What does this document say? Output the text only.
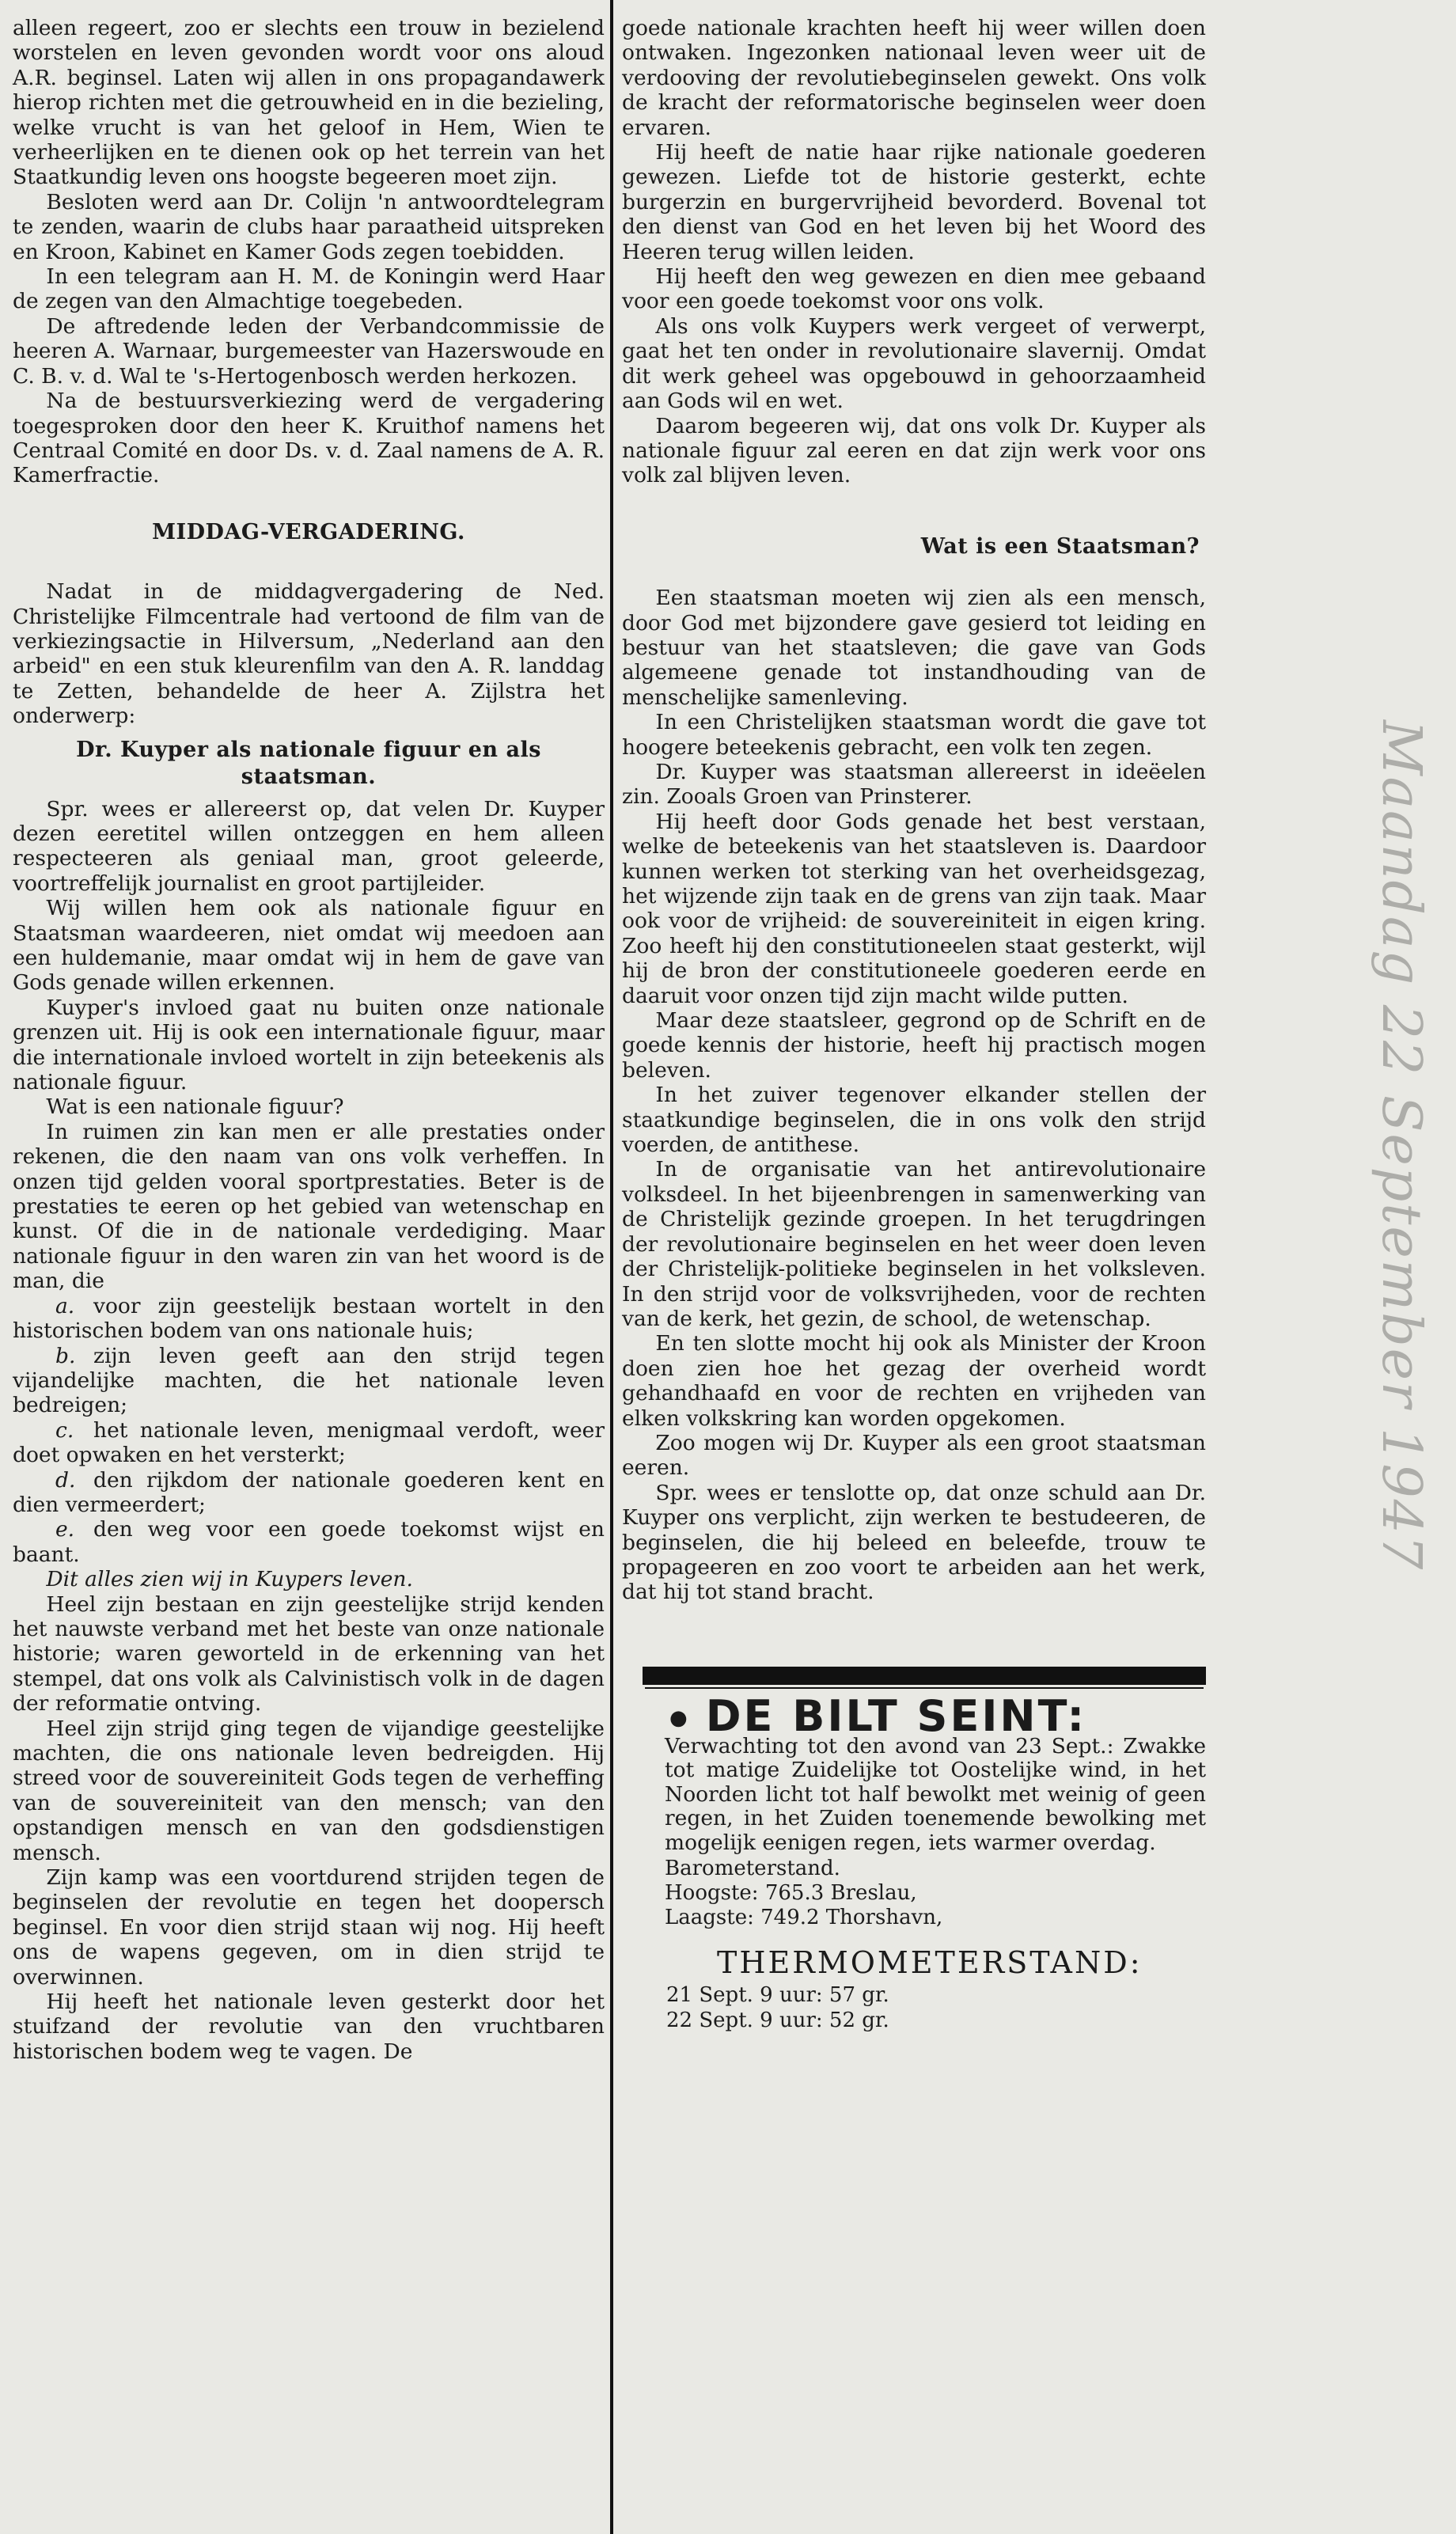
alleen regeert, zoo er slechts een trouw in bezielend worstelen en leven gevonden wordt voor ons aloud A.R. beginsel. Laten wij allen in ons propagandawerk hierop richten met die getrouwheid en in die bezieling, welke vrucht is van het geloof in Hem, Wien te verheerlijken en te dienen ook op het terrein van het Staatkundig leven ons hoogste begeeren moet zijn.

Besloten werd aan Dr. Colijn 'n antwoordtelegram te zenden, waarin de clubs haar paraatheid uitspreken en Kroon, Kabinet en Kamer Gods zegen toebidden.

In een telegram aan H. M. de Koningin werd Haar de zegen van den Almachtige toegebeden.

De aftredende leden der Verbandcommissie de heeren A. Warnaar, burgemeester van Hazerswoude en C. B. v. d. Wal te 's-Hertogenbosch werden herkozen.

Na de bestuursverkiezing werd de vergadering toegesproken door den heer K. Kruithof namens het Centraal Comité en door Ds. v. d. Zaal namens de A. R. Kamerfractie.

MIDDAG-VERGADERING.

Nadat in de middagvergadering de Ned. Christelijke Filmcentrale had vertoond de film van de verkiezingsactie in Hilversum, „Nederland aan den arbeid" en een stuk kleurenfilm van den A. R. landdag te Zetten, behandelde de heer A. Zijlstra het onderwerp:

Dr. Kuyper als nationale figuur en als staatsman.

Spr. wees er allereerst op, dat velen Dr. Kuyper dezen eeretitel willen ontzeggen en hem alleen respecteeren als geniaal man, groot geleerde, voortreffelijk journalist en groot partijleider.

Wij willen hem ook als nationale figuur en Staatsman waardeeren, niet omdat wij meedoen aan een huldemanie, maar omdat wij in hem de gave van Gods genade willen erkennen.

Kuyper's invloed gaat nu buiten onze nationale grenzen uit. Hij is ook een internationale figuur, maar die internationale invloed wortelt in zijn beteekenis als nationale figuur.

Wat is een nationale figuur?

In ruimen zin kan men er alle prestaties onder rekenen, die den naam van ons volk verheffen. In onzen tijd gelden vooral sportprestaties. Beter is de prestaties te eeren op het gebied van wetenschap en kunst. Of die in de nationale verdediging. Maar nationale figuur in den waren zin van het woord is de man, die

a. voor zijn geestelijk bestaan wortelt in den historischen bodem van ons nationale huis;

b. zijn leven geeft aan den strijd tegen vijandelijke machten, die het nationale leven bedreigen;

c. het nationale leven, menigmaal verdoft, weer doet opwaken en het versterkt;

d. den rijkdom der nationale goederen kent en dien vermeerdert;

e. den weg voor een goede toekomst wijst en baant.

Dit alles zien wij in Kuypers leven.

Heel zijn bestaan en zijn geestelijke strijd kenden het nauwste verband met het beste van onze nationale historie; waren geworteld in de erkenning van het stempel, dat ons volk als Calvinistisch volk in de dagen der reformatie ontving.

Heel zijn strijd ging tegen de vijandige geestelijke machten, die ons nationale leven bedreigden. Hij streed voor de souvereiniteit Gods tegen de verheffing van de souvereiniteit van den mensch; van den opstandigen mensch en van den godsdienstigen mensch.

Zijn kamp was een voortdurend strijden tegen de beginselen der revolutie en tegen het doopersch beginsel. En voor dien strijd staan wij nog. Hij heeft ons de wapens gegeven, om in dien strijd te overwinnen.

Hij heeft het nationale leven gesterkt door het stuifzand der revolutie van den vruchtbaren historischen bodem weg te vagen. De

goede nationale krachten heeft hij weer willen doen ontwaken. Ingezonken nationaal leven weer uit de verdooving der revolutiebeginselen gewekt. Ons volk de kracht der reformatorische beginselen weer doen ervaren.

Hij heeft de natie haar rijke nationale goederen gewezen. Liefde tot de historie gesterkt, echte burgerzin en burgervrijheid bevorderd. Bovenal tot den dienst van God en het leven bij het Woord des Heeren terug willen leiden.

Hij heeft den weg gewezen en dien mee gebaand voor een goede toekomst voor ons volk.

Als ons volk Kuypers werk vergeet of verwerpt, gaat het ten onder in revolutionaire slavernij. Omdat dit werk geheel was opgebouwd in gehoorzaamheid aan Gods wil en wet.

Daarom begeeren wij, dat ons volk Dr. Kuyper als nationale figuur zal eeren en dat zijn werk voor ons volk zal blijven leven.

Wat is een Staatsman?

Een staatsman moeten wij zien als een mensch, door God met bijzondere gave gesierd tot leiding en bestuur van het staatsleven; die gave van Gods algemeene genade tot instandhouding van de menschelijke samenleving.

In een Christelijken staatsman wordt die gave tot hoogere beteekenis gebracht, een volk ten zegen.

Dr. Kuyper was staatsman allereerst in ideëelen zin. Zooals Groen van Prinsterer.

Hij heeft door Gods genade het best verstaan, welke de beteekenis van het staatsleven is. Daardoor kunnen werken tot sterking van het overheidsgezag, het wijzende zijn taak en de grens van zijn taak. Maar ook voor de vrijheid: de souvereiniteit in eigen kring. Zoo heeft hij den constitutioneelen staat gesterkt, wijl hij de bron der constitutioneele goederen eerde en daaruit voor onzen tijd zijn macht wilde putten.

Maar deze staatsleer, gegrond op de Schrift en de goede kennis der historie, heeft hij practisch mogen beleven.

In het zuiver tegenover elkander stellen der staatkundige beginselen, die in ons volk den strijd voerden, de antithese.

In de organisatie van het antirevolutionaire volksdeel. In het bijeenbrengen in samenwerking van de Christelijk gezinde groepen. In het terugdringen der revolutionaire beginselen en het weer doen leven der Christelijk-politieke beginselen in het volksleven. In den strijd voor de volksvrijheden, voor de rechten van de kerk, het gezin, de school, de wetenschap.

En ten slotte mocht hij ook als Minister der Kroon doen zien hoe het gezag der overheid wordt gehandhaafd en voor de rechten en vrijheden van elken volkskring kan worden opgekomen.

Zoo mogen wij Dr. Kuyper als een groot staatsman eeren.

Spr. wees er tenslotte op, dat onze schuld aan Dr. Kuyper ons verplicht, zijn werken te bestudeeren, de beginselen, die hij beleed en beleefde, trouw te propageeren en zoo voort te arbeiden aan het werk, dat hij tot stand bracht.

● DE BILT SEINT:
Verwachting tot den avond van 23 Sept.: Zwakke tot matige Zuidelijke tot Oostelijke wind, in het Noorden licht tot half bewolkt met weinig of geen regen, in het Zuiden toenemende bewolking met mogelijk eenigen regen, iets warmer overdag.
Barometerstand.
Hoogste: 765.3 Breslau,
Laagste: 749.2 Thorshavn,
THERMOMETERSTAND:
21 Sept. 9 uur: 57 gr.
22 Sept. 9 uur: 52 gr.
Maandag 22 September 1947
